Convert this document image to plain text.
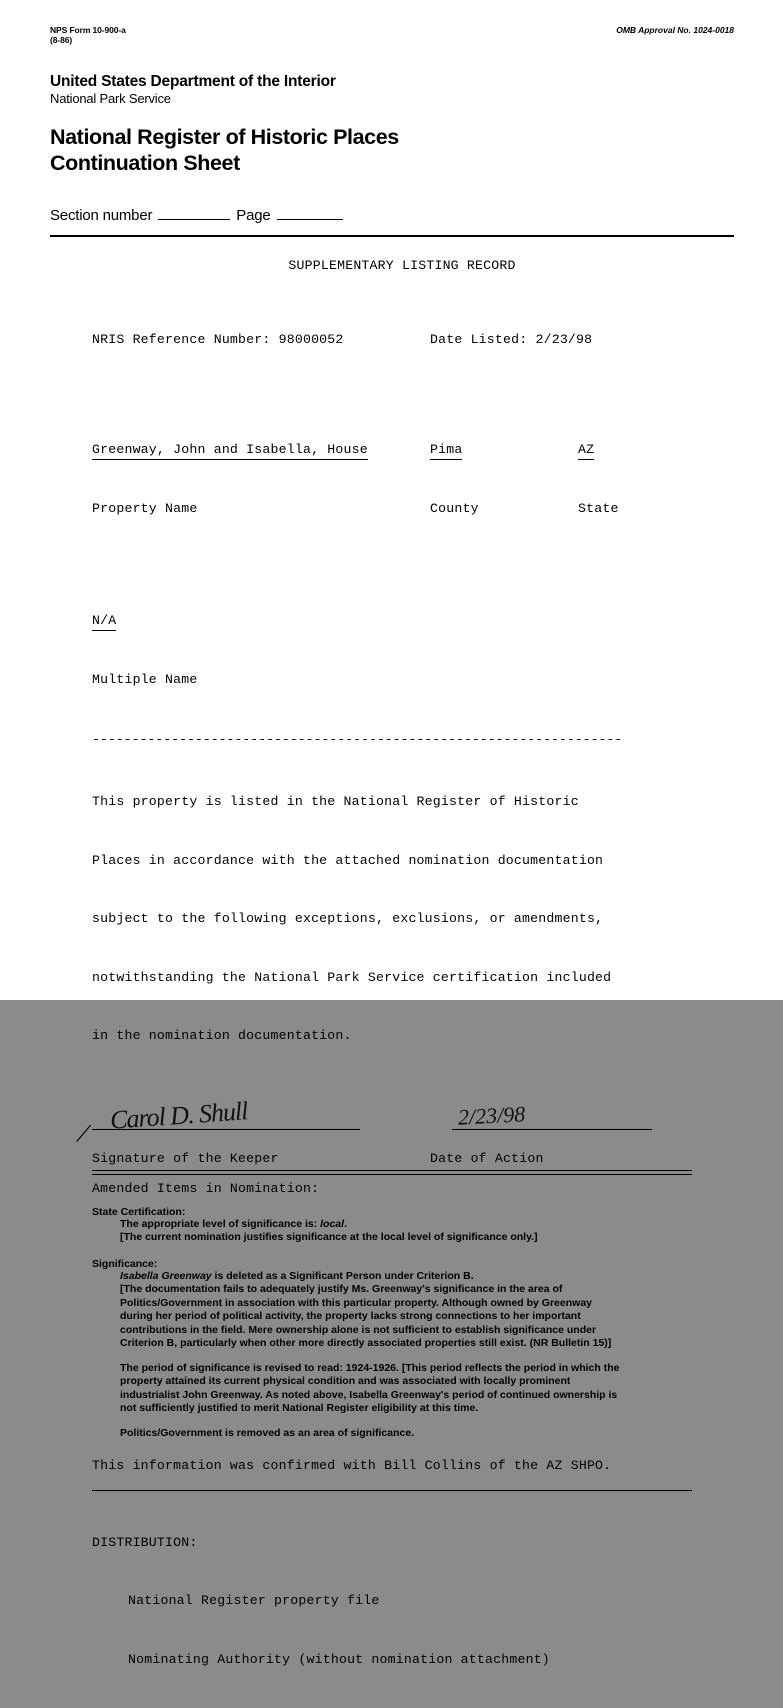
NPS Form 10-900-a
(8-86)
OMB Approval No. 1024-0018
United States Department of the Interior
National Park Service
National Register of Historic Places
Continuation Sheet
Section number	Page
SUPPLEMENTARY LISTING RECORD

NRIS Reference Number: 98000052	Date Listed: 2/23/98

Greenway, John and Isabella, House	Pima	AZ

Property Name	County	State

N/A

Multiple Name

-------------------------------------------------------------------

This property is listed in the National Register of Historic

Places in accordance with the attached nomination documentation

subject to the following exceptions, exclusions, or amendments,

notwithstanding the National Park Service certification included

in the nomination documentation.

Carol D. Shull	2/23/98
⟋
Signature of the Keeper	Date of Action
Amended Items in Nomination:
State Certification:
The appropriate level of significance is: local.
[The current nomination justifies significance at the local level of significance only.]
Significance:
Isabella Greenway is deleted as a Significant Person under Criterion B.
[The documentation fails to adequately justify Ms. Greenway's significance in the area of
Politics/Government in association with this particular property. Although owned by Greenway
during her period of political activity, the property lacks strong connections to her important
contributions in the field. Mere ownership alone is not sufficient to establish significance under
Criterion B, particularly when other more directly associated properties still exist. (NR Bulletin 15)]
The period of significance is revised to read: 1924-1926. [This period reflects the period in which the
property attained its current physical condition and was associated with locally prominent
industrialist John Greenway. As noted above, Isabella Greenway's period of continued ownership is
not sufficiently justified to merit National Register eligibility at this time.
Politics/Government is removed as an area of significance.
This information was confirmed with Bill Collins of the AZ SHPO.

DISTRIBUTION:

National Register property file

Nominating Authority (without nomination attachment)
